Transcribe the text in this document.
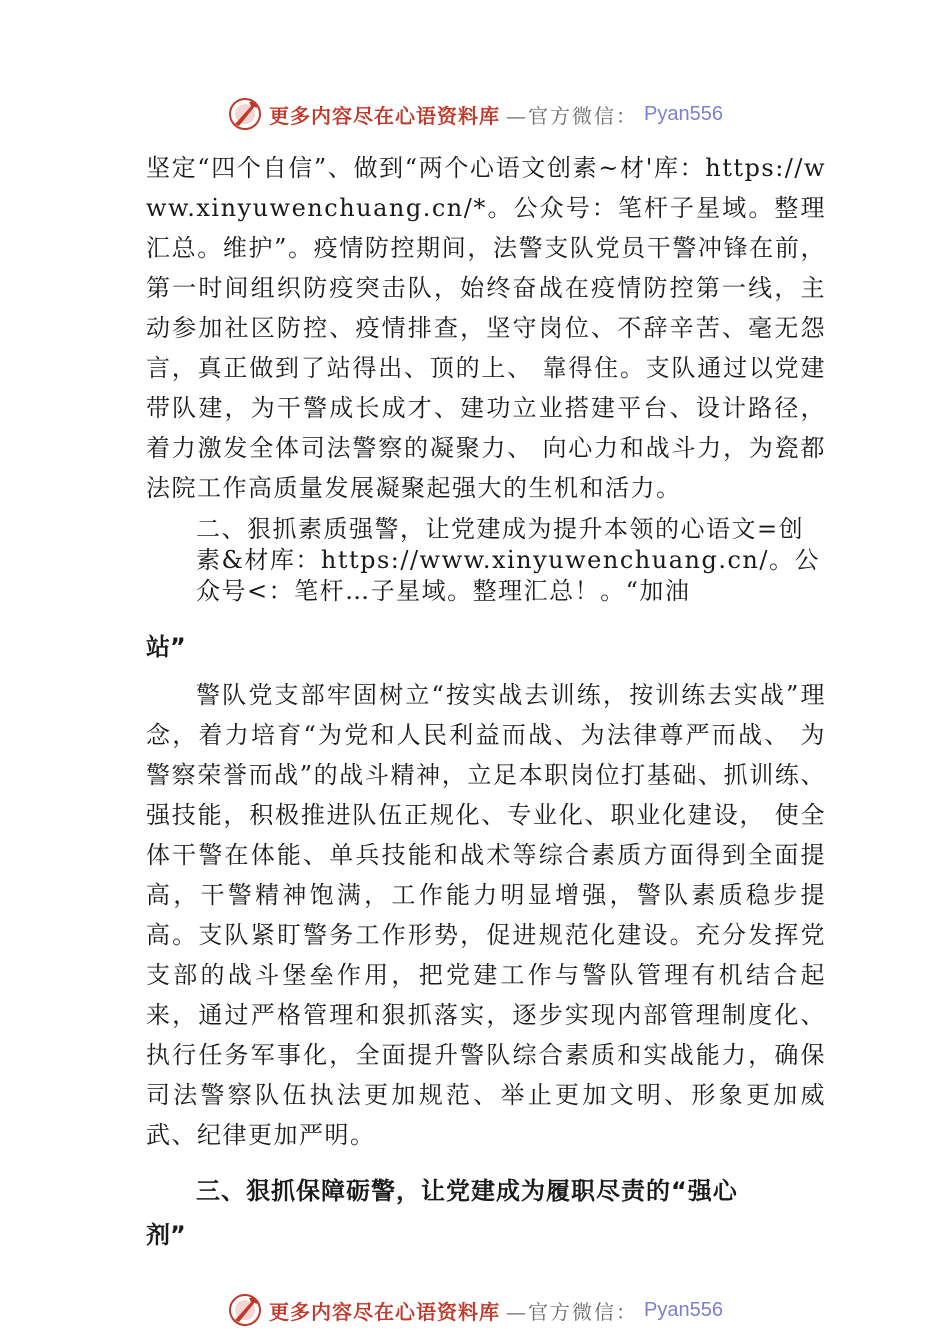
更多内容尽在心语资料库 —官方微信： Pyan556

坚定“四个自信”、做到“两个心语文创素~材'库：https://www.xinyuwenchuang.cn/*。公众号：笔杆子星域。整理汇总。维护”。疫情防控期间，法警支队党员干警冲锋在前，第一时间组织防疫突击队，始终奋战在疫情防控第一线，主动参加社区防控、疫情排查，坚守岗位、不辞辛苦、毫无怨言，真正做到了站得出、顶的上、 靠得住。支队通过以党建带队建，为干警成长成才、建功立业搭建平台、设计路径，着力激发全体司法警察的凝聚力、 向心力和战斗力，为瓷都法院工作高质量发展凝聚起强大的生机和活力。

二、狠抓素质强警，让党建成为提升本领的心语文=创素&材库：https://www.xinyuwenchuang.cn/。公众号<：笔杆…子星域。整理汇总！。“加油

站”

警队党支部牢固树立“按实战去训练，按训练去实战”理念，着力培育“为党和人民利益而战、为法律尊严而战、 为警察荣誉而战”的战斗精神，立足本职岗位打基础、抓训练、强技能，积极推进队伍正规化、专业化、职业化建设， 使全体干警在体能、单兵技能和战术等综合素质方面得到全面提高，干警精神饱满，工作能力明显增强，警队素质稳步提高。支队紧盯警务工作形势，促进规范化建设。充分发挥党支部的战斗堡垒作用，把党建工作与警队管理有机结合起来，通过严格管理和狠抓落实，逐步实现内部管理制度化、 执行任务军事化，全面提升警队综合素质和实战能力，确保司法警察队伍执法更加规范、举止更加文明、形象更加威武、纪律更加严明。

三、狠抓保障砺警，让党建成为履职尽责的“强心

剂”

更多内容尽在心语资料库 —官方微信： Pyan556
